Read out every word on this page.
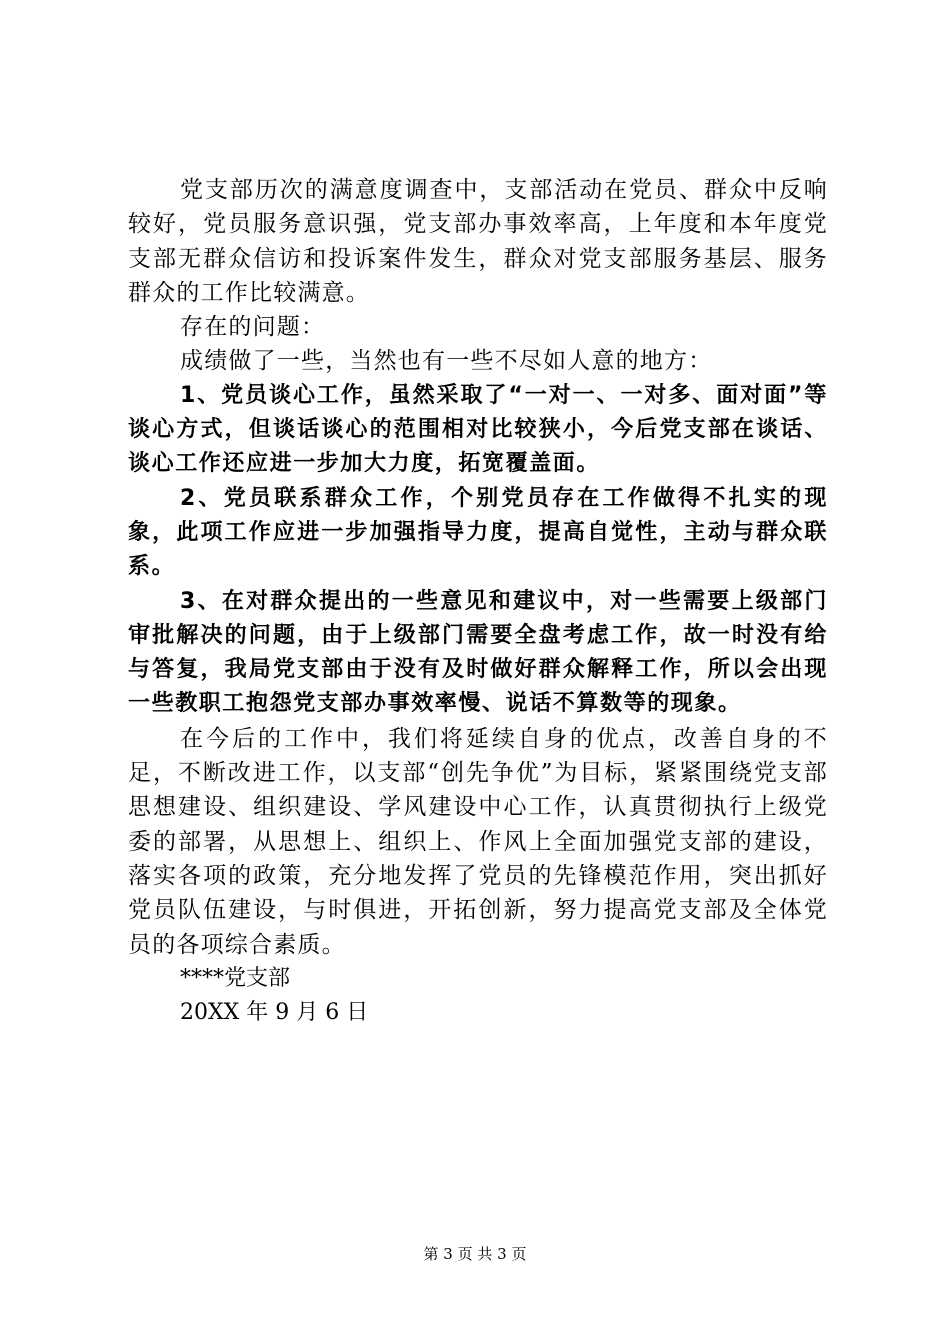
党支部历次的满意度调查中，支部活动在党员、群众中反响较好，党员服务意识强，党支部办事效率高，上年度和本年度党支部无群众信访和投诉案件发生，群众对党支部服务基层、服务群众的工作比较满意。

存在的问题：

成绩做了一些，当然也有一些不尽如人意的地方：

1、党员谈心工作，虽然采取了“一对一、一对多、面对面”等谈心方式，但谈话谈心的范围相对比较狭小，今后党支部在谈话、谈心工作还应进一步加大力度，拓宽覆盖面。

2、党员联系群众工作，个别党员存在工作做得不扎实的现象，此项工作应进一步加强指导力度，提高自觉性，主动与群众联系。

3、在对群众提出的一些意见和建议中，对一些需要上级部门审批解决的问题，由于上级部门需要全盘考虑工作，故一时没有给与答复，我局党支部由于没有及时做好群众解释工作，所以会出现一些教职工抱怨党支部办事效率慢、说话不算数等的现象。

在今后的工作中，我们将延续自身的优点，改善自身的不足，不断改进工作，以支部“创先争优”为目标，紧紧围绕党支部思想建设、组织建设、学风建设中心工作，认真贯彻执行上级党委的部署，从思想上、组织上、作风上全面加强党支部的建设，落实各项的政策，充分地发挥了党员的先锋模范作用，突出抓好党员队伍建设，与时俱进，开拓创新，努力提高党支部及全体党员的各项综合素质。

****党支部

20XX 年 9 月 6 日

第 3 页 共 3 页
